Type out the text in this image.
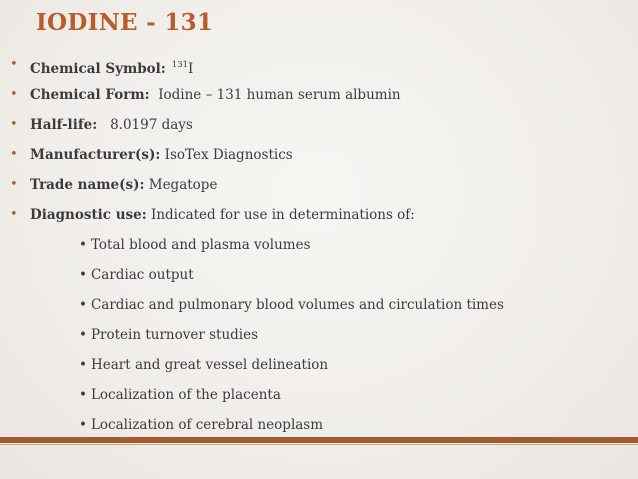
IODINE - 131
• Chemical Symbol: $^{131}$I
• Chemical Form: Iodine – 131 human serum albumin
• Half-life: 8.0197 days
• Manufacturer(s): IsoTex Diagnostics
• Trade name(s): Megatope
• Diagnostic use: Indicated for use in determinations of:
• Total blood and plasma volumes
• Cardiac output
• Cardiac and pulmonary blood volumes and circulation times
• Protein turnover studies
• Heart and great vessel delineation
• Localization of the placenta
• Localization of cerebral neoplasm
